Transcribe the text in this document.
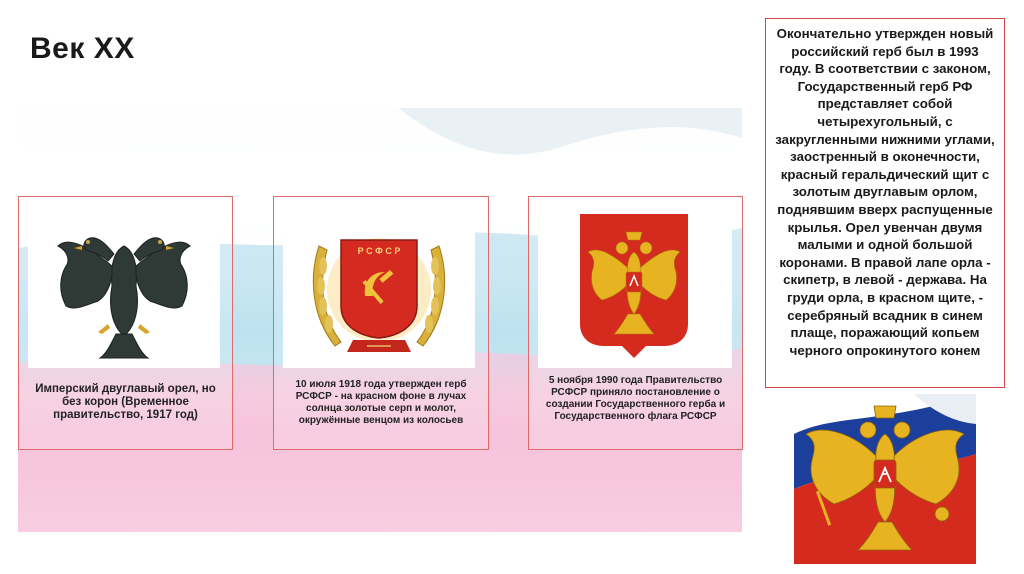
Век XX
Имперский двуглавый орел, но без корон (Временное правительство, 1917 год)
Р С Ф С Р
10 июля 1918 года утвержден герб РСФСР - на красном фоне в лучах солнца золотые серп и молот, окружённые венцом из колосьев
5 ноября 1990 года Правительство РСФСР приняло постановление о создании Государственного герба и Государственного флага РСФСР

Окончательно утвержден новый российский герб был в 1993 году. В соответствии с законом, Государственный герб РФ представляет собой четырехугольный, с закругленными нижними углами, заостренный в оконечности, красный геральдический щит с золотым двуглавым орлом, поднявшим вверх распущенные крылья. Орел увенчан двумя малыми и одной большой коронами. В правой лапе орла - скипетр, в левой - держава. На груди орла, в красном щите, - серебряный всадник в синем плаще, поражающий копьем черного опрокинутого конем
